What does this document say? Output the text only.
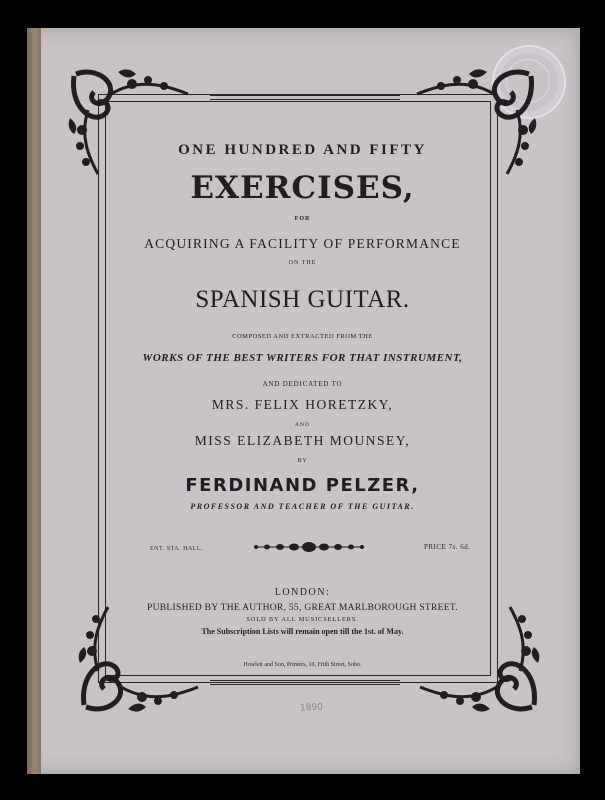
ONE HUNDRED AND FIFTY
EXERCISES,
FOR
ACQUIRING A FACILITY OF PERFORMANCE
ON THE
SPANISH GUITAR.
COMPOSED AND EXTRACTED FROM THE
WORKS OF THE BEST WRITERS FOR THAT INSTRUMENT,
AND DEDICATED TO
MRS. FELIX HORETZKY,
AND
MISS ELIZABETH MOUNSEY,
BY
FERDINAND PELZER,
PROFESSOR AND TEACHER OF THE GUITAR.
ENT. STA. HALL.	PRICE 7s. 6d.
LONDON:
PUBLISHED BY THE AUTHOR, 55, GREAT MARLBOROUGH STREET.
SOLD BY ALL MUSICSELLERS.
The Subscription Lists will remain open till the 1st. of May.
Howlett and Son, Printers, 10, Frith Street, Soho.
1890
